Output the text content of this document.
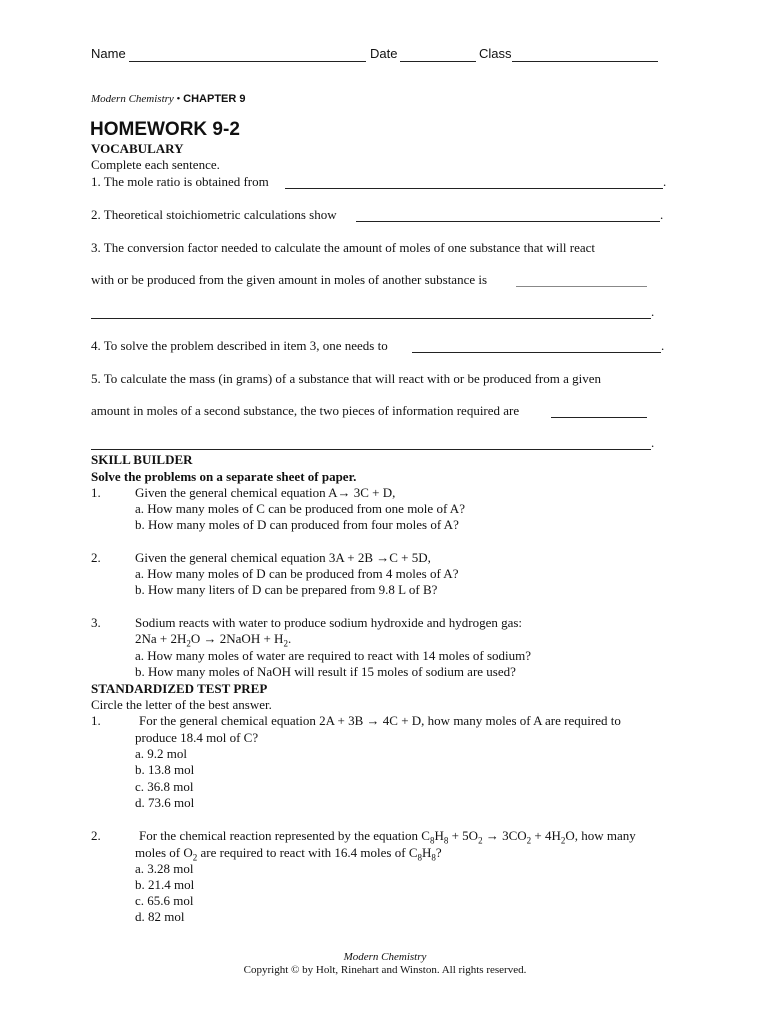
Name	Date	Class
Modern Chemistry • CHAPTER 9
HOMEWORK 9-2
VOCABULARY
Complete each sentence.
1. The mole ratio is obtained from	.
2. Theoretical stoichiometric calculations show	.
3. The conversion factor needed to calculate the amount of moles of one substance that will react
with or be produced from the given amount in moles of another substance is
.
4. To solve the problem described in item 3, one needs to	.
5. To calculate the mass (in grams) of a substance that will react with or be produced from a given
amount in moles of a second substance, the two pieces of information required are
.
SKILL BUILDER
Solve the problems on a separate sheet of paper.
1.	Given the general chemical equation A→ 3C + D,
a. How many moles of C can be produced from one mole of A?
b. How many moles of D can produced from four moles of A?
2.	Given the general chemical equation 3A + 2B →C + 5D,
a. How many moles of D can be produced from 4 moles of A?
b. How many liters of D can be prepared from 9.8 L of B?
3.	Sodium reacts with water to produce sodium hydroxide and hydrogen gas:
$2Na + 2H_2O$ → 2NaOH + $H_2$.
a. How many moles of water are required to react with 14 moles of sodium?
b. How many moles of NaOH will result if 15 moles of sodium are used?
STANDARDIZED TEST PREP
Circle the letter of the best answer.
1.	For the general chemical equation 2A + 3B → 4C + D, how many moles of A are required to
produce 18.4 mol of C?
a. 9.2 mol
b. 13.8 mol
c. 36.8 mol
d. 73.6 mol
2.	For the chemical reaction represented by the equation $C_8H_8 + 5O_2 \to 3CO_2 + 4H_2O$, how many
moles of $O_2$ are required to react with 16.4 moles of $C_8H_8$?
a. 3.28 mol
b. 21.4 mol
c. 65.6 mol
d. 82 mol
Modern Chemistry
Copyright © by Holt, Rinehart and Winston. All rights reserved.
